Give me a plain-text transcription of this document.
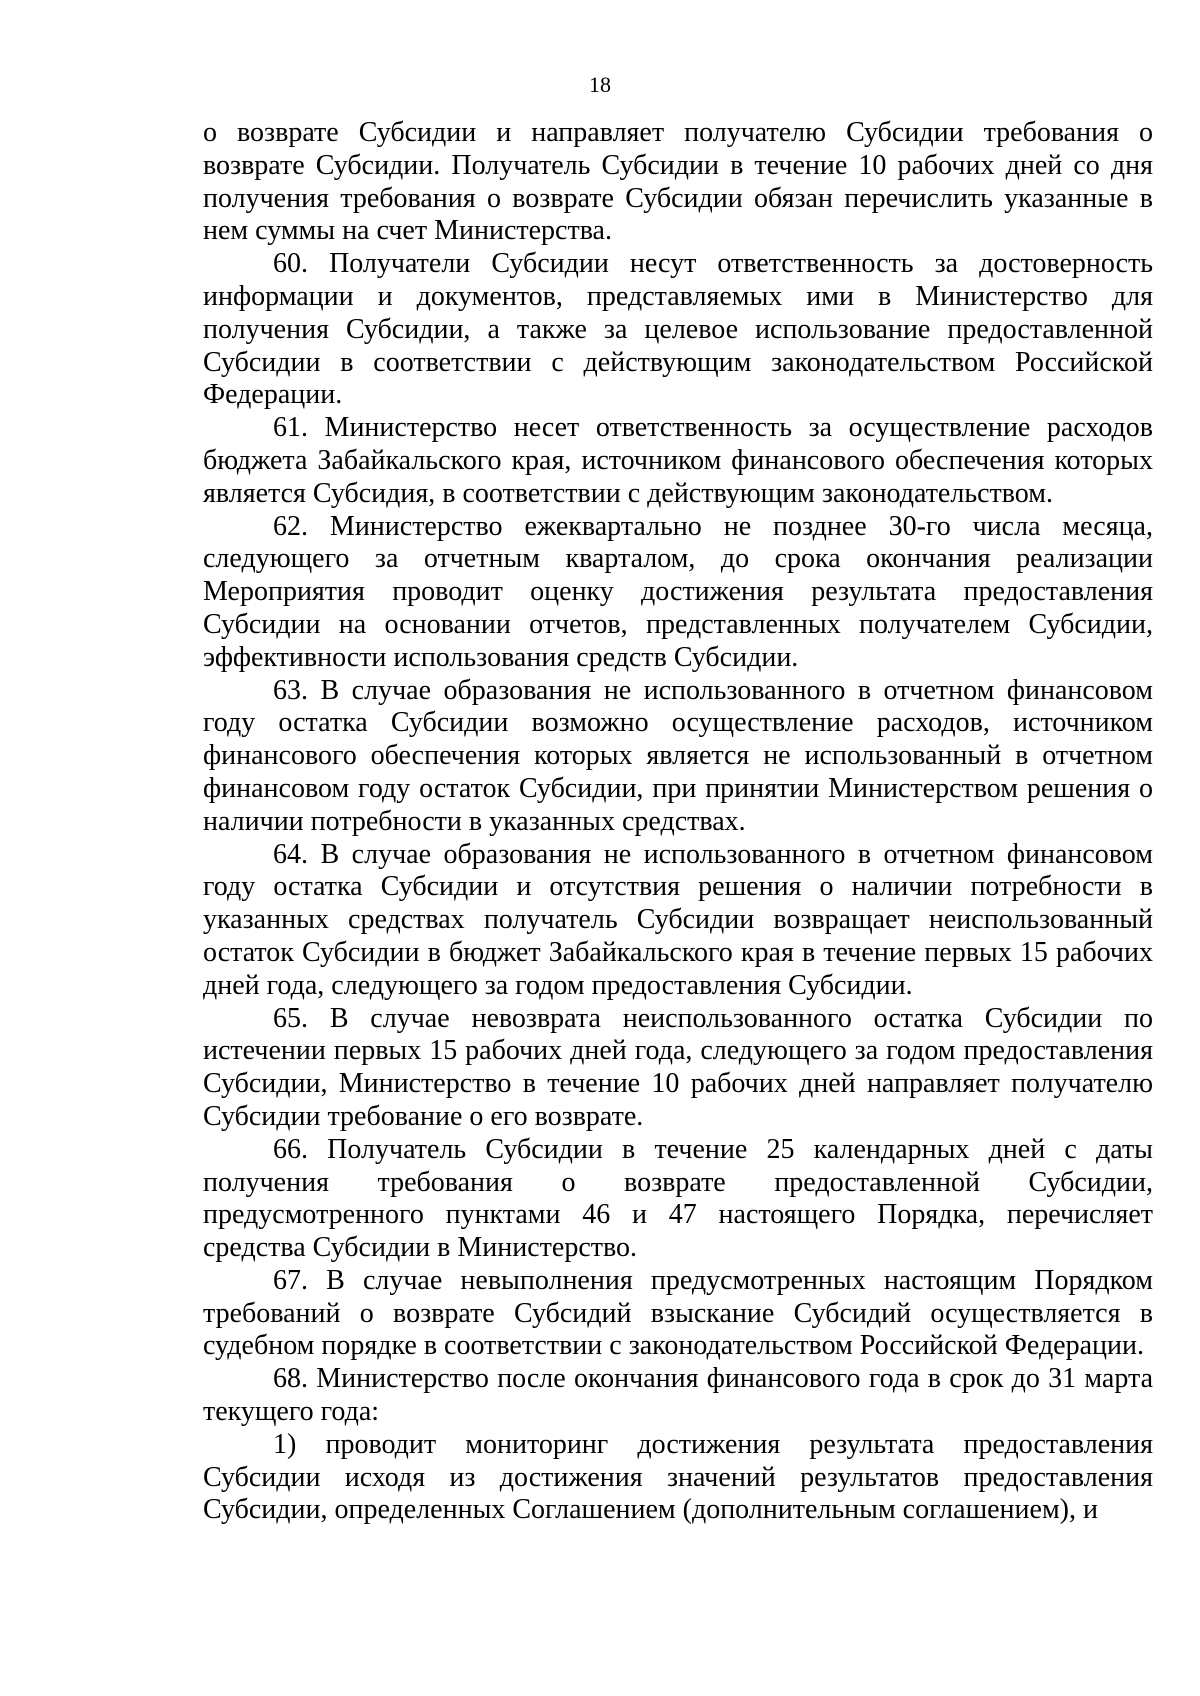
18

о возврате Субсидии и направляет получателю Субсидии требования о возврате Субсидии. Получатель Субсидии в течение 10 рабочих дней со дня получения требования о возврате Субсидии обязан перечислить указанные в нем суммы на счет Министерства.

60. Получатели Субсидии несут ответственность за достоверность информации и документов, представляемых ими в Министерство для получения Субсидии, а также за целевое использование предоставленной Субсидии в соответствии с действующим законодательством Российской Федерации.

61. Министерство несет ответственность за осуществление расходов бюджета Забайкальского края, источником финансового обеспечения которых является Субсидия, в соответствии с действующим законодательством.

62. Министерство ежеквартально не позднее 30-го числа месяца, следующего за отчетным кварталом, до срока окончания реализации Мероприятия проводит оценку достижения результата предоставления Субсидии на основании отчетов, представленных получателем Субсидии, эффективности использования средств Субсидии.

63. В случае образования не использованного в отчетном финансовом году остатка Субсидии возможно осуществление расходов, источником финансового обеспечения которых является не использованный в отчетном финансовом году остаток Субсидии, при принятии Министерством решения о наличии потребности в указанных средствах.

64. В случае образования не использованного в отчетном финансовом году остатка Субсидии и отсутствия решения о наличии потребности в указанных средствах получатель Субсидии возвращает неиспользованный остаток Субсидии в бюджет Забайкальского края в течение первых 15 рабочих дней года, следующего за годом предоставления Субсидии.

65. В случае невозврата неиспользованного остатка Субсидии по истечении первых 15 рабочих дней года, следующего за годом предоставления Субсидии, Министерство в течение 10 рабочих дней направляет получателю Субсидии требование о его возврате.

66. Получатель Субсидии в течение 25 календарных дней с даты получения требования о возврате предоставленной Субсидии, предусмотренного пунктами 46 и 47 настоящего Порядка, перечисляет средства Субсидии в Министерство.

67. В случае невыполнения предусмотренных настоящим Порядком требований о возврате Субсидий взыскание Субсидий осуществляется в судебном порядке в соответствии с законодательством Российской Федерации.

68. Министерство после окончания финансового года в срок до 31 марта текущего года:

1) проводит мониторинг достижения результата предоставления Субсидии исходя из достижения значений результатов предоставления Субсидии, определенных Соглашением (дополнительным соглашением), и
